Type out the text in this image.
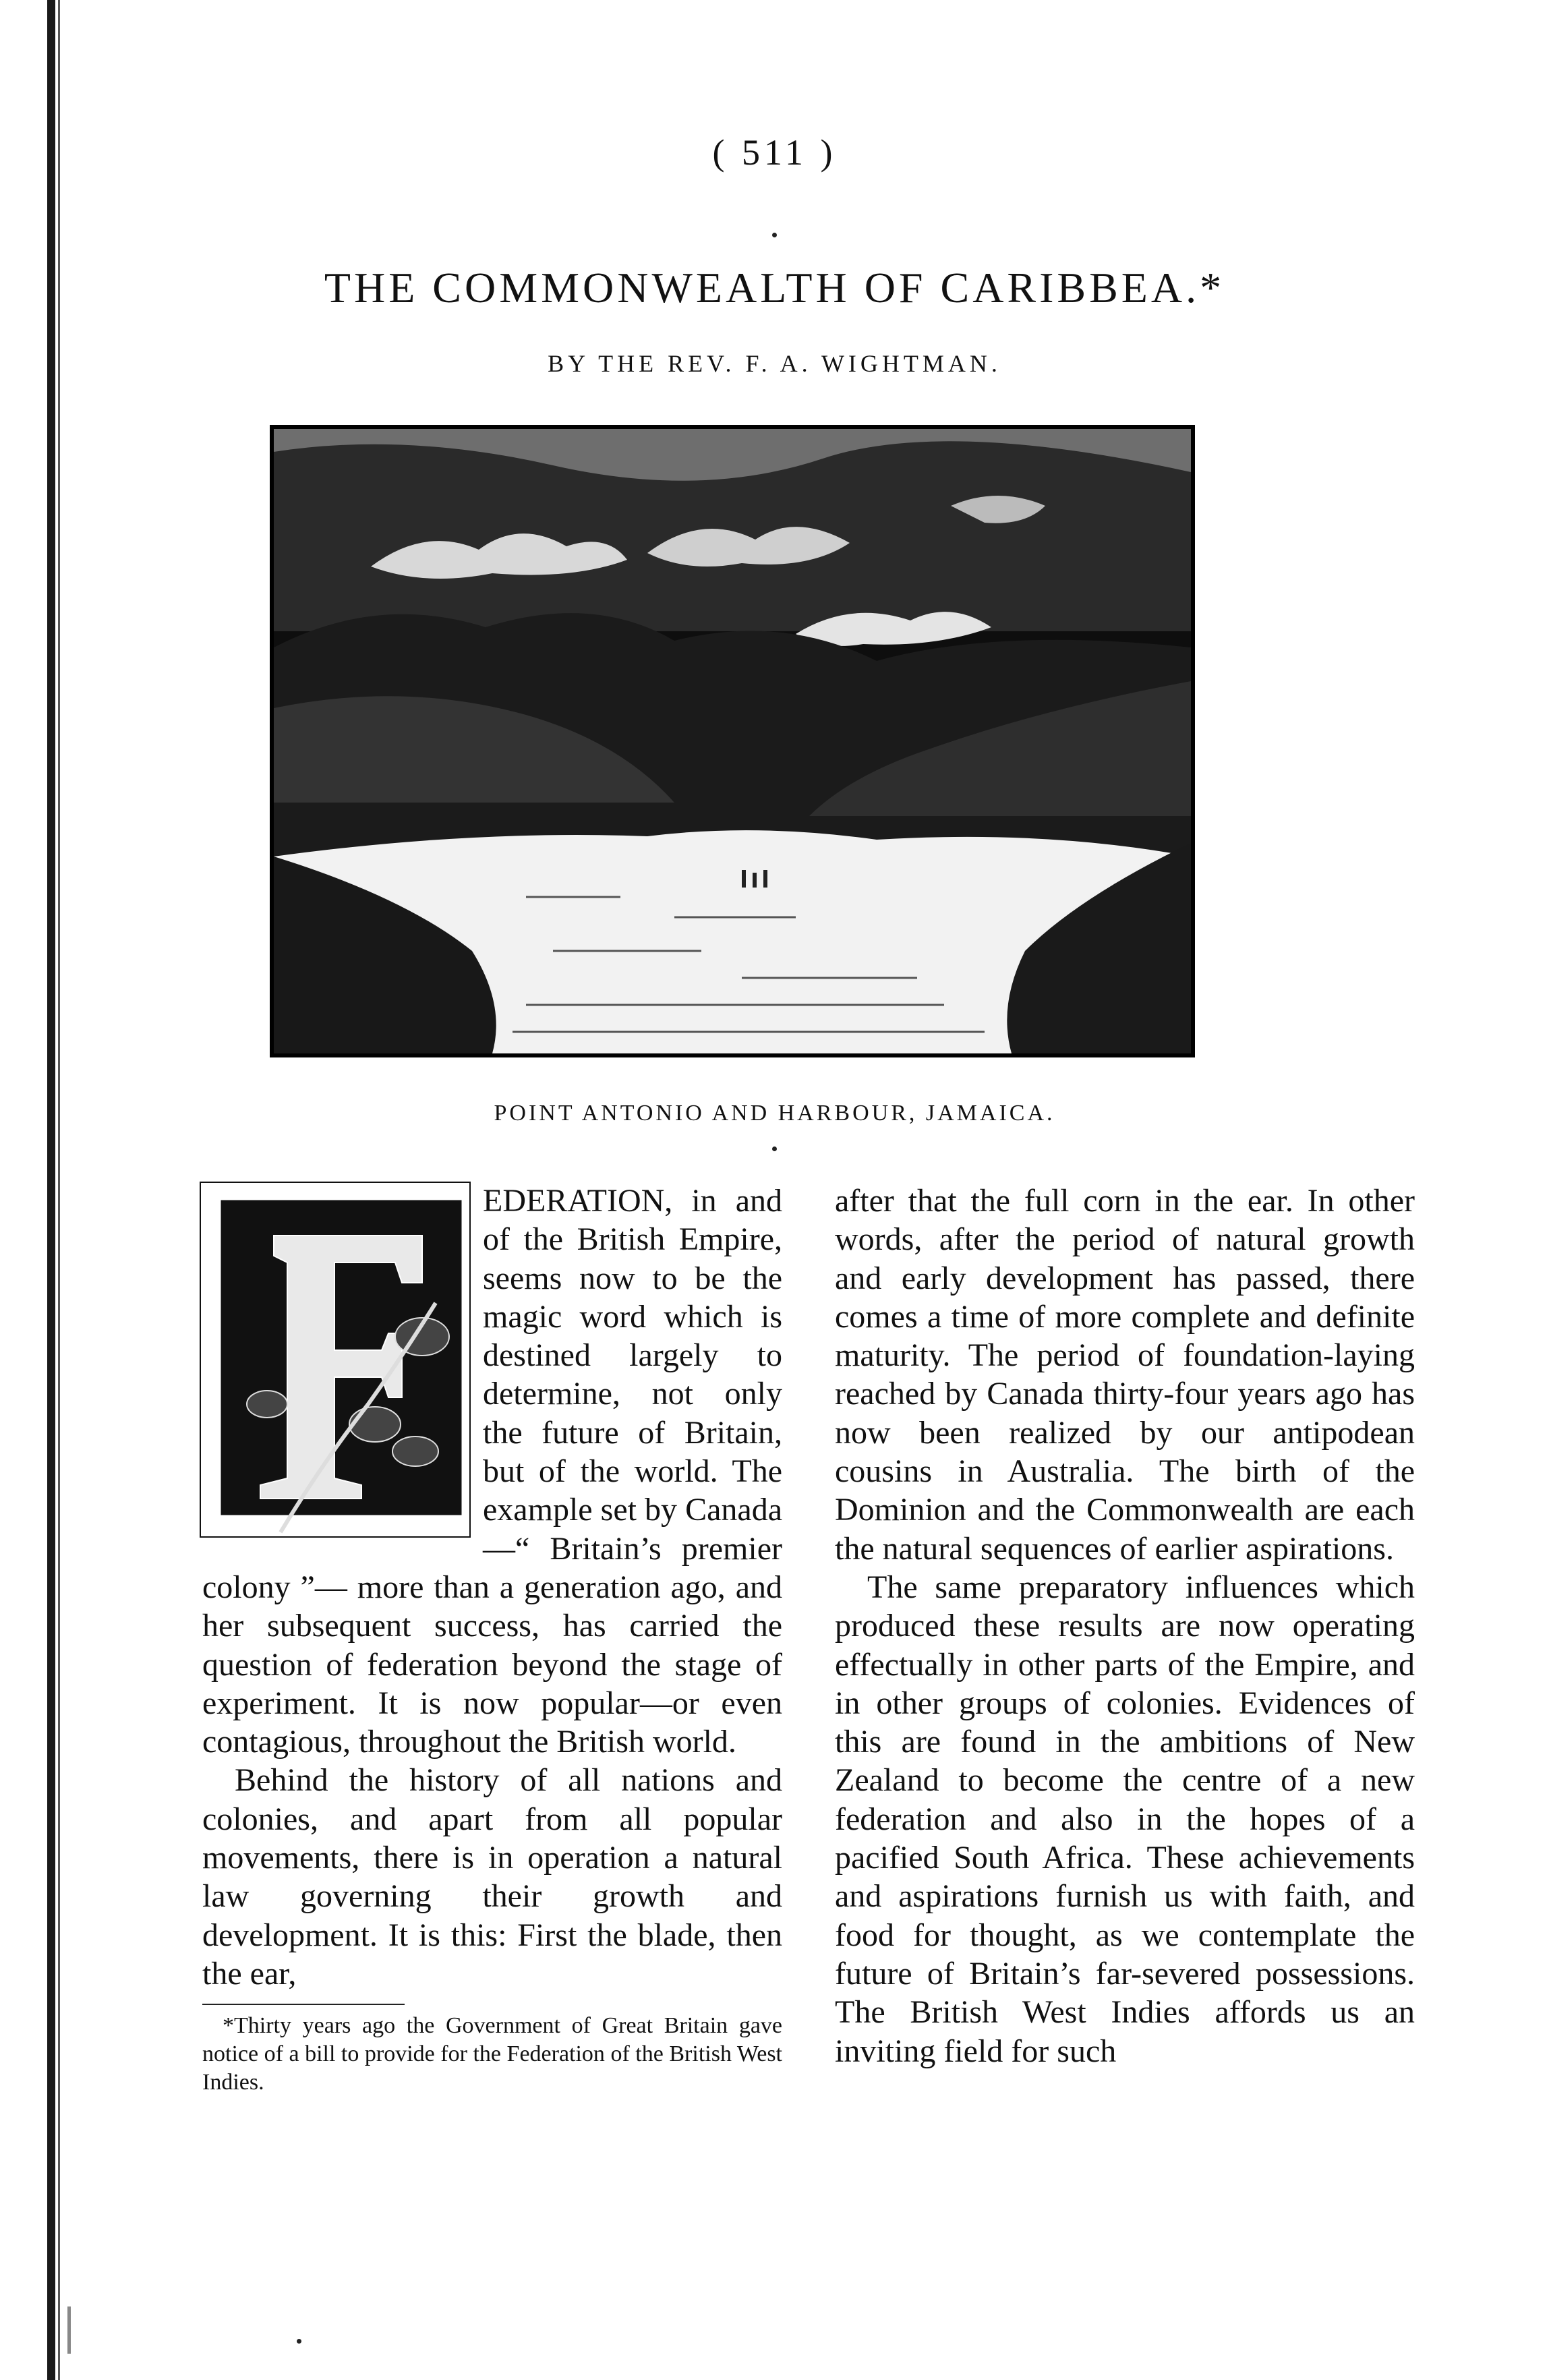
( 511 )
THE COMMONWEALTH OF CARIBBEA.*
BY THE REV. F. A. WIGHTMAN.
POINT ANTONIO AND HARBOUR, JAMAICA.

EDERATION, in and of the British Empire, seems now to be the magic word which is destined largely to determine, not only the future of Britain, but of the world. The example set by Canada—“ Britain’s premier colony ”— more than a generation ago, and her subsequent success, has carried the question of federation beyond the stage of experiment. It is now popular—or even contagious, throughout the British world.

Behind the history of all nations and colonies, and apart from all popular movements, there is in operation a natural law governing their growth and development. It is this: First the blade, then the ear,

*Thirty years ago the Government of Great Britain gave notice of a bill to provide for the Federation of the British West Indies.

after that the full corn in the ear. In other words, after the period of natural growth and early development has passed, there comes a time of more complete and definite maturity. The period of foundation-laying reached by Canada thirty-four years ago has now been realized by our antipodean cousins in Australia. The birth of the Dominion and the Commonwealth are each the natural sequences of earlier aspirations.

The same preparatory influences which produced these results are now operating effectually in other parts of the Empire, and in other groups of colonies. Evidences of this are found in the ambitions of New Zealand to become the centre of a new federation and also in the hopes of a pacified South Africa. These achievements and aspirations furnish us with faith, and food for thought, as we contemplate the future of Britain’s far-severed possessions. The British West Indies affords us an inviting field for such
